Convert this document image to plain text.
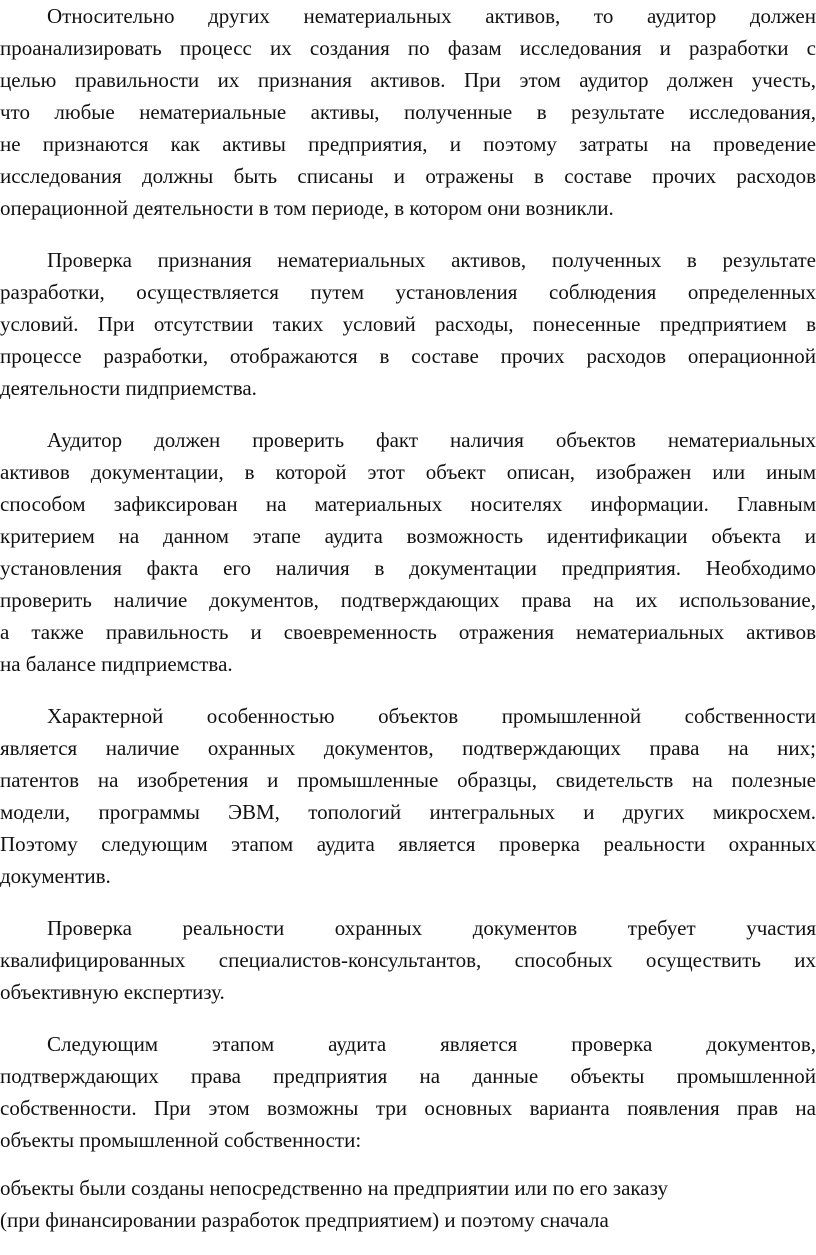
Относительно других нематериальных активов, то аудитор должен

проанализировать процесс их создания по фазам исследования и разработки с

целью правильности их признания активов. При этом аудитор должен учесть,

что любые нематериальные активы, полученные в результате исследования,

не признаются как активы предприятия, и поэтому затраты на проведение

исследования должны быть списаны и отражены в составе прочих расходов

операционной деятельности в том периоде, в котором они возникли.

Проверка признания нематериальных активов, полученных в результате

разработки, осуществляется путем установления соблюдения определенных

условий. При отсутствии таких условий расходы, понесенные предприятием в

процессе разработки, отображаются в составе прочих расходов операционной

деятельности пидприемства.

Аудитор должен проверить факт наличия объектов нематериальных

активов документации, в которой этот объект описан, изображен или иным

способом зафиксирован на материальных носителях информации. Главным

критерием на данном этапе аудита возможность идентификации объекта и

установления факта его наличия в документации предприятия. Необходимо

проверить наличие документов, подтверждающих права на их использование,

а также правильность и своевременность отражения нематериальных активов

на балансе пидприемства.

Характерной особенностью объектов промышленной собственности

является наличие охранных документов, подтверждающих права на них;

патентов на изобретения и промышленные образцы, свидетельств на полезные

модели, программы ЭВМ, топологий интегральных и других микросхем.

Поэтому следующим этапом аудита является проверка реальности охранных

документив.

Проверка реальности охранных документов требует участия

квалифицированных специалистов-консультантов, способных осуществить их

объективную експертизу.

Следующим этапом аудита является проверка документов,

подтверждающих права предприятия на данные объекты промышленной

собственности. При этом возможны три основных варианта появления прав на

объекты промышленной собственности:

объекты были созданы непосредственно на предприятии или по его заказу

(при финансировании разработок предприятием) и поэтому сначала
